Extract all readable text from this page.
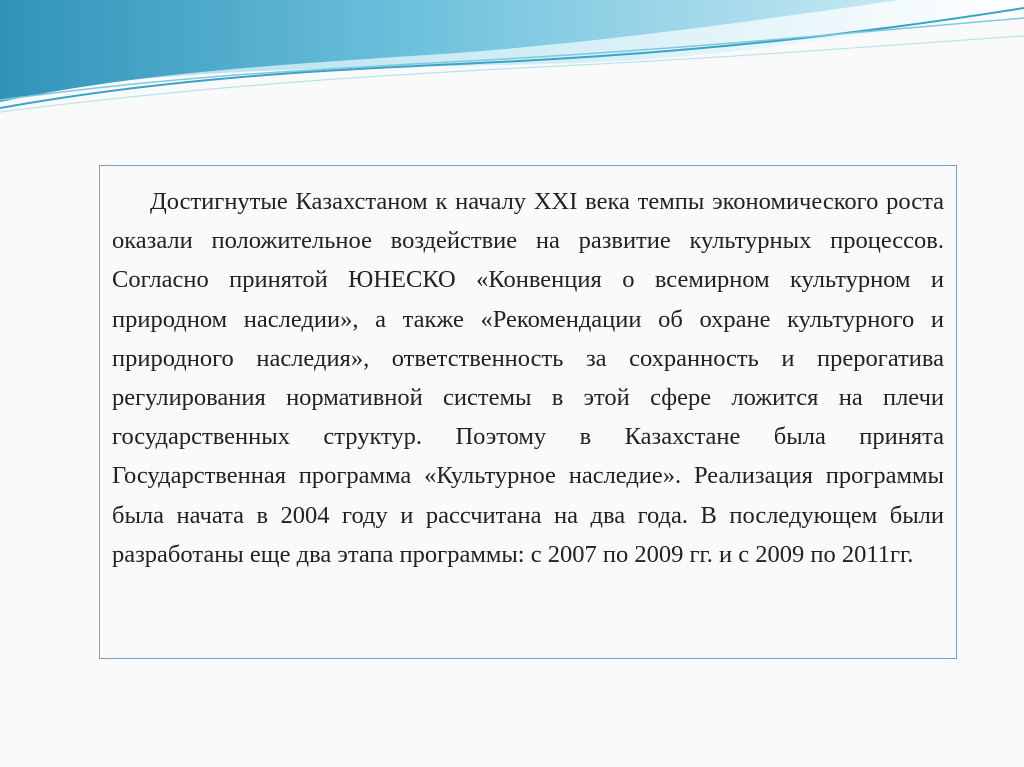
Достигнутые Казахстаном к началу XXI века темпы экономического роста оказали положительное воздействие на развитие культурных процессов. Согласно принятой ЮНЕСКО «Конвенция о всемирном культурном и природном наследии», а также «Рекомендации об охране культурного и природного наследия», ответственность за сохранность и прерогатива регулирования нормативной системы в этой сфере ложится на плечи государственных структур. Поэтому в Казахстане была принята Государственная программа «Культурное наследие». Реализация программы была начата в 2004 году и рассчитана на два года. В последующем были разработаны еще два этапа программы: с 2007 по 2009 гг. и с 2009 по 2011гг.
